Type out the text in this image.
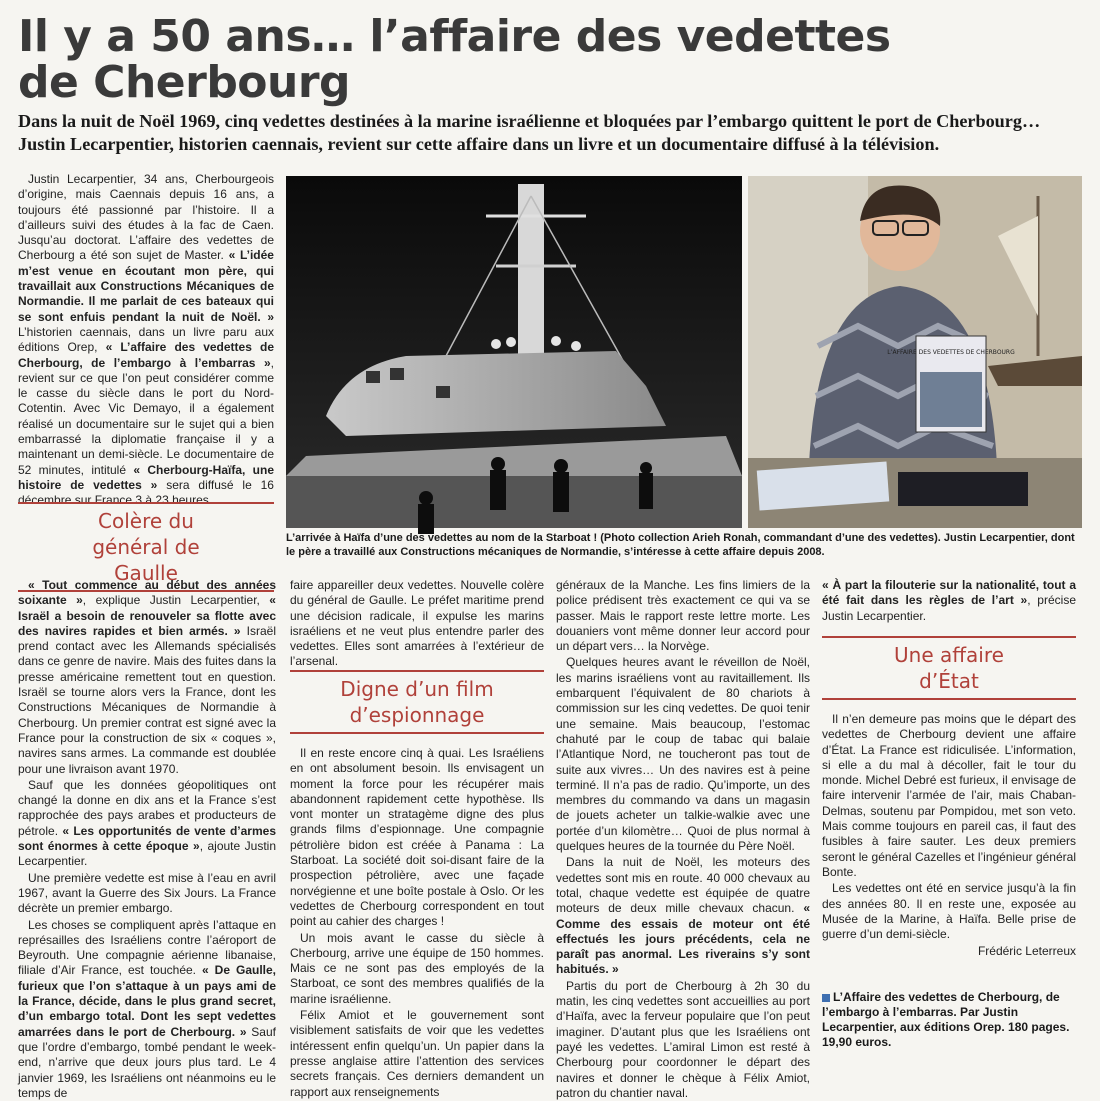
Il y a 50 ans… l’affaire des vedettes
de Cherbourg

Dans la nuit de Noël 1969, cinq vedettes destinées à la marine israélienne et bloquées par l’embargo quittent le port de Cherbourg… Justin Lecarpentier, historien caennais, revient sur cette affaire dans un livre et un documentaire diffusé à la télévision.

Justin Lecarpentier, 34 ans, Cherbourgeois d’origine, mais Caennais depuis 16 ans, a toujours été passionné par l’histoire. Il a d’ailleurs suivi des études à la fac de Caen. Jusqu’au doctorat. L’affaire des vedettes de Cherbourg a été son sujet de Master. « L’idée m’est venue en écoutant mon père, qui travaillait aux Constructions Mécaniques de Normandie. Il me parlait de ces bateaux qui se sont enfuis pendant la nuit de Noël. » L’historien caennais, dans un livre paru aux éditions Orep, « L’affaire des vedettes de Cherbourg, de l’embargo à l’embarras », revient sur ce que l’on peut considérer comme le casse du siècle dans le port du Nord-Cotentin. Avec Vic Demayo, il a également réalisé un documentaire sur le sujet qui a bien embarrassé la diplomatie française il y a maintenant un demi-siècle. Le documentaire de 52 minutes, intitulé « Cherbourg-Haïfa, une histoire de vedettes » sera diffusé le 16 décembre sur France 3 à 23 heures.

L’AFFAIRE DES VEDETTES DE CHERBOURG

L’arrivée à Haïfa d’une des vedettes au nom de la Starboat ! (Photo collection Arieh Ronah, commandant d’une des vedettes). Justin Lecarpentier, dont le père a travaillé aux Constructions mécaniques de Normandie, s’intéresse à cette affaire depuis 2008.

Colère du général de Gaulle

« Tout commence au début des années soixante », explique Justin Lecarpentier, « Israël a besoin de renouveler sa flotte avec des navires rapides et bien armés. » Israël prend contact avec les Allemands spécialisés dans ce genre de navire. Mais des fuites dans la presse américaine remettent tout en question. Israël se tourne alors vers la France, dont les Constructions Mécaniques de Normandie à Cherbourg. Un premier contrat est signé avec la France pour la construction de six « coques », navires sans armes. La commande est doublée pour une livraison avant 1970.

Sauf que les données géopolitiques ont changé la donne en dix ans et la France s’est rapprochée des pays arabes et producteurs de pétrole. « Les opportunités de vente d’armes sont énormes à cette époque », ajoute Justin Lecarpentier.

Une première vedette est mise à l’eau en avril 1967, avant la Guerre des Six Jours. La France décrète un premier embargo.

Les choses se compliquent après l’attaque en représailles des Israéliens contre l’aéroport de Beyrouth. Une compagnie aérienne libanaise, filiale d’Air France, est touchée. « De Gaulle, furieux que l’on s’attaque à un pays ami de la France, décide, dans le plus grand secret, d’un embargo total. Dont les sept vedettes amarrées dans le port de Cherbourg. » Sauf que l’ordre d’embargo, tombé pendant le week-end, n’arrive que deux jours plus tard. Le 4 janvier 1969, les Israéliens ont néanmoins eu le temps de

faire appareiller deux vedettes. Nouvelle colère du général de Gaulle. Le préfet maritime prend une décision radicale, il expulse les marins israéliens et ne veut plus entendre parler des vedettes. Elles sont amarrées à l’extérieur de l’arsenal.

Digne d’un film d’espionnage

Il en reste encore cinq à quai. Les Israéliens en ont absolument besoin. Ils envisagent un moment la force pour les récupérer mais abandonnent rapidement cette hypothèse. Ils vont monter un stratagème digne des plus grands films d’espionnage. Une compagnie pétrolière bidon est créée à Panama : La Starboat. La société doit soi-disant faire de la prospection pétrolière, avec une façade norvégienne et une boîte postale à Oslo. Or les vedettes de Cherbourg correspondent en tout point au cahier des charges !

Un mois avant le casse du siècle à Cherbourg, arrive une équipe de 150 hommes. Mais ce ne sont pas des employés de la Starboat, ce sont des membres qualifiés de la marine israélienne.

Félix Amiot et le gouvernement sont visiblement satisfaits de voir que les vedettes intéressent enfin quelqu’un. Un papier dans la presse anglaise attire l’attention des services secrets français. Ces derniers demandent un rapport aux renseignements

généraux de la Manche. Les fins limiers de la police prédisent très exactement ce qui va se passer. Mais le rapport reste lettre morte. Les douaniers vont même donner leur accord pour un départ vers… la Norvège.

Quelques heures avant le réveillon de Noël, les marins israéliens vont au ravitaillement. Ils embarquent l’équivalent de 80 chariots à commission sur les cinq vedettes. De quoi tenir une semaine. Mais beaucoup, l’estomac chahuté par le coup de tabac qui balaie l’Atlantique Nord, ne toucheront pas tout de suite aux vivres… Un des navires est à peine terminé. Il n’a pas de radio. Qu’importe, un des membres du commando va dans un magasin de jouets acheter un talkie-walkie avec une portée d’un kilomètre… Quoi de plus normal à quelques heures de la tournée du Père Noël.

Dans la nuit de Noël, les moteurs des vedettes sont mis en route. 40 000 chevaux au total, chaque vedette est équipée de quatre moteurs de deux mille chevaux chacun. « Comme des essais de moteur ont été effectués les jours précédents, cela ne paraît pas anormal. Les riverains s’y sont habitués. »

Partis du port de Cherbourg à 2h 30 du matin, les cinq vedettes sont accueillies au port d’Haïfa, avec la ferveur populaire que l’on peut imaginer. D’autant plus que les Israéliens ont payé les vedettes. L’amiral Limon est resté à Cherbourg pour coordonner le départ des navires et donner le chèque à Félix Amiot, patron du chantier naval.

« À part la filouterie sur la nationalité, tout a été fait dans les règles de l’art », précise Justin Lecarpentier.

Une affaire d’État

Il n’en demeure pas moins que le départ des vedettes de Cherbourg devient une affaire d’État. La France est ridiculisée. L’information, si elle a du mal à décoller, fait le tour du monde. Michel Debré est furieux, il envisage de faire intervenir l’armée de l’air, mais Chaban-Delmas, soutenu par Pompidou, met son veto. Mais comme toujours en pareil cas, il faut des fusibles à faire sauter. Les deux premiers seront le général Cazelles et l’ingénieur général Bonte.

Les vedettes ont été en service jusqu’à la fin des années 80. Il en reste une, exposée au Musée de la Marine, à Haïfa. Belle prise de guerre d’un demi-siècle.

Frédéric Leterreux
L’Affaire des vedettes de Cherbourg, de l’embargo à l’embarras. Par Justin Lecarpentier, aux éditions Orep. 180 pages. 19,90 euros.
